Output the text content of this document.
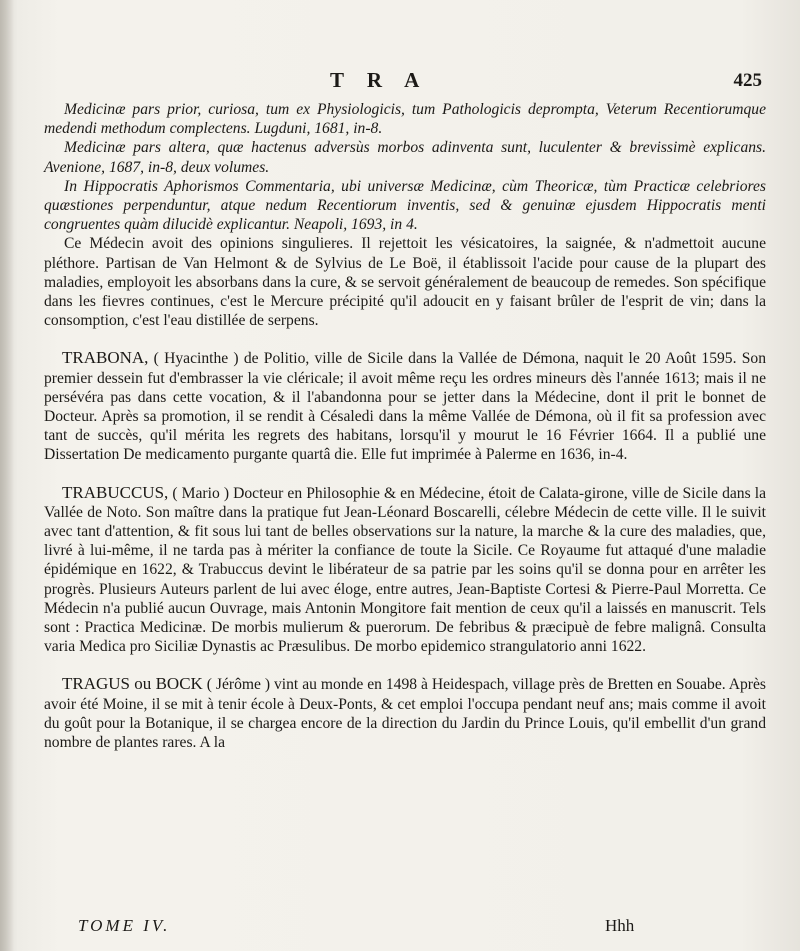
T R A	425

Medicinæ pars prior, curiosa, tum ex Physiologicis, tum Pathologicis deprompta, Veterum Recentiorumque medendi methodum complectens. Lugduni, 1681, in-8.

Medicinæ pars altera, quæ hactenus adversùs morbos adinventa sunt, luculenter & brevissimè explicans. Avenione, 1687, in-8, deux volumes.

In Hippocratis Aphorismos Commentaria, ubi universæ Medicinæ, cùm Theoricæ, tùm Practicæ celebriores quæstiones perpenduntur, atque nedum Recentiorum inventis, sed & genuinæ ejusdem Hippocratis menti congruentes quàm dilucidè explicantur. Neapoli, 1693, in 4.

Ce Médecin avoit des opinions singulieres. Il rejettoit les vésicatoires, la saignée, & n'admettoit aucune pléthore. Partisan de Van Helmont & de Sylvius de Le Boë, il établissoit l'acide pour cause de la plupart des maladies, employoit les absorbans dans la cure, & se servoit généralement de beaucoup de remedes. Son spécifique dans les fievres continues, c'est le Mercure précipité qu'il adoucit en y faisant brûler de l'esprit de vin; dans la consomption, c'est l'eau distillée de serpens.

TRABONA, ( Hyacinthe ) de Politio, ville de Sicile dans la Vallée de Démona, naquit le 20 Août 1595. Son premier dessein fut d'embrasser la vie cléricale; il avoit même reçu les ordres mineurs dès l'année 1613; mais il ne persévéra pas dans cette vocation, & il l'abandonna pour se jetter dans la Médecine, dont il prit le bonnet de Docteur. Après sa promotion, il se rendit à Césaledi dans la même Vallée de Démona, où il fit sa profession avec tant de succès, qu'il mérita les regrets des habitans, lorsqu'il y mourut le 16 Février 1664. Il a publié une Dissertation De medicamento purgante quartâ die. Elle fut imprimée à Palerme en 1636, in-4.

TRABUCCUS, ( Mario ) Docteur en Philosophie & en Médecine, étoit de Calata-girone, ville de Sicile dans la Vallée de Noto. Son maître dans la pratique fut Jean-Léonard Boscarelli, célebre Médecin de cette ville. Il le suivit avec tant d'attention, & fit sous lui tant de belles observations sur la nature, la marche & la cure des maladies, que, livré à lui-même, il ne tarda pas à mériter la confiance de toute la Sicile. Ce Royaume fut attaqué d'une maladie épidémique en 1622, & Trabuccus devint le libérateur de sa patrie par les soins qu'il se donna pour en arrêter les progrès. Plusieurs Auteurs parlent de lui avec éloge, entre autres, Jean-Baptiste Cortesi & Pierre-Paul Morretta. Ce Médecin n'a publié aucun Ouvrage, mais Antonin Mongitore fait mention de ceux qu'il a laissés en manuscrit. Tels sont : Practica Medicinæ. De morbis mulierum & puerorum. De febribus & præcipuè de febre malignâ. Consulta varia Medica pro Siciliæ Dynastis ac Præsulibus. De morbo epidemico strangulatorio anni 1622.

TRAGUS ou BOCK ( Jérôme ) vint au monde en 1498 à Heidespach, village près de Bretten en Souabe. Après avoir été Moine, il se mit à tenir école à Deux-Ponts, & cet emploi l'occupa pendant neuf ans; mais comme il avoit du goût pour la Botanique, il se chargea encore de la direction du Jardin du Prince Louis, qu'il embellit d'un grand nombre de plantes rares. A la

TOME IV.	Hhh
